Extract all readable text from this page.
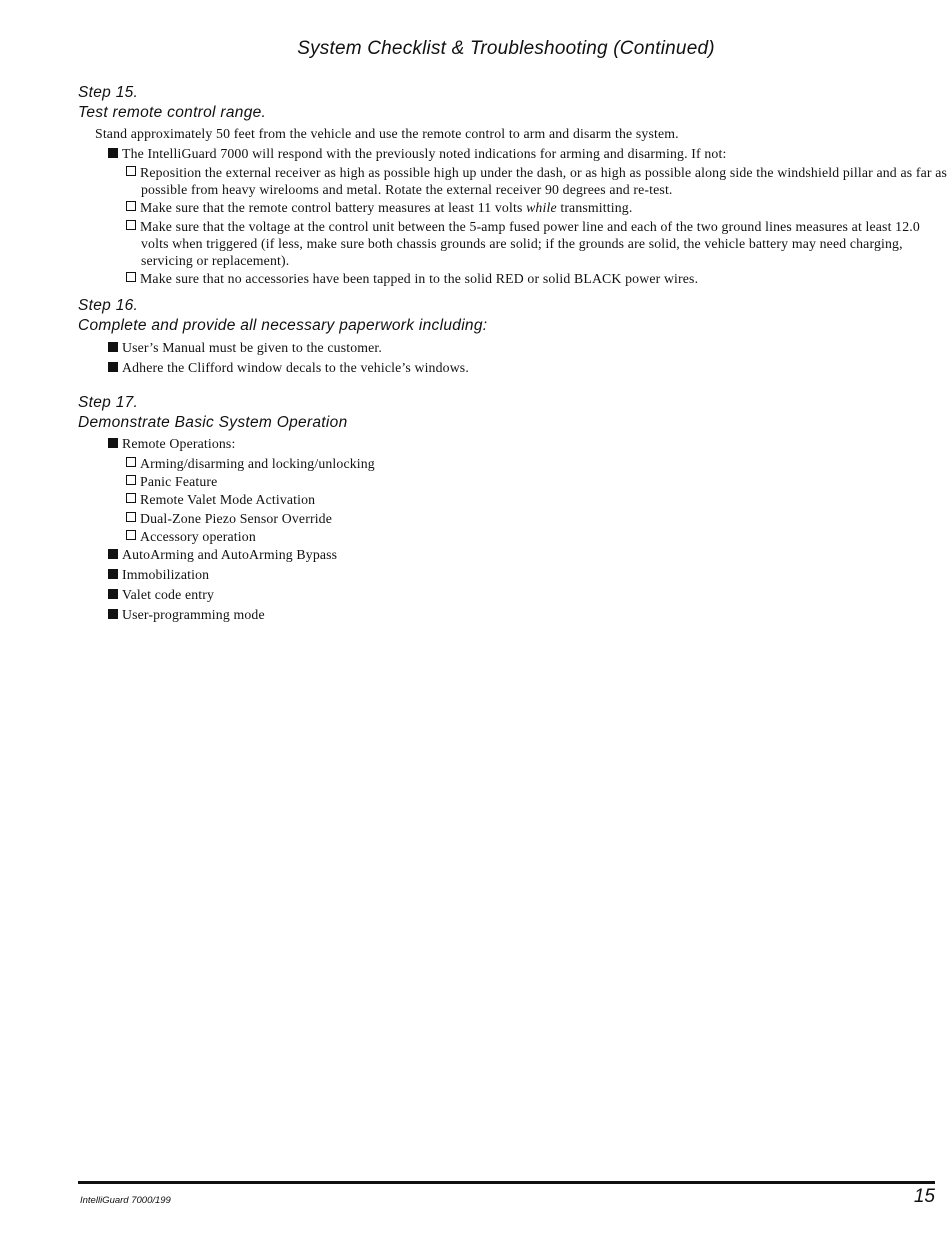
System Checklist & Troubleshooting (Continued)
Step 15.
Test remote control range.
Stand approximately 50 feet from the vehicle and use the remote control to arm and disarm the system.
The IntelliGuard 7000 will respond with the previously noted indications for arming and disarming. If not:
Reposition the external receiver as high as possible high up under the dash, or as high as possible along side the windshield pillar and as far as possible from heavy wirelooms and metal. Rotate the external receiver 90 degrees and re-test.
Make sure that the remote control battery measures at least 11 volts while transmitting.
Make sure that the voltage at the control unit between the 5-amp fused power line and each of the two ground lines measures at least 12.0 volts when triggered (if less, make sure both chassis grounds are solid; if the grounds are solid, the vehicle battery may need charging, servicing or replacement).
Make sure that no accessories have been tapped in to the solid RED or solid BLACK power wires.
Step 16.
Complete and provide all necessary paperwork including:
User’s Manual must be given to the customer.
Adhere the Clifford window decals to the vehicle’s windows.
Step 17.
Demonstrate Basic System Operation
Remote Operations:
Arming/disarming and locking/unlocking
Panic Feature
Remote Valet Mode Activation
Dual-Zone Piezo Sensor Override
Accessory operation
AutoArming and AutoArming Bypass
Immobilization
Valet code entry
User-programming mode
IntelliGuard 7000/199	15
